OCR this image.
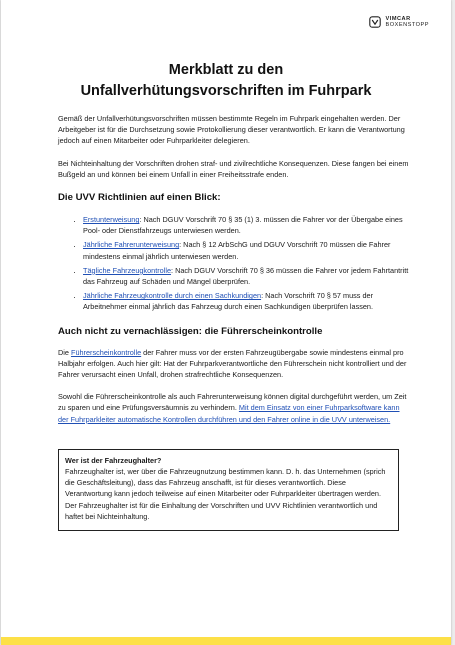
VIMCAR
BOXENSTOPP
Merkblatt zu den
Unfallverhütungsvorschriften im Fuhrpark

Gemäß der Unfallverhütungsvorschriften müssen bestimmte Regeln im Fuhrpark eingehalten werden. Der Arbeitgeber ist für die Durchsetzung sowie Protokollierung dieser verantwortlich. Er kann die Verantwortung jedoch auf einen Mitarbeiter oder Fuhrparkleiter delegieren.

Bei Nichteinhaltung der Vorschriften drohen straf- und zivilrechtliche Konsequenzen. Diese fangen bei einem Bußgeld an und können bei einem Unfall in einer Freiheitsstrafe enden.

Die UVV Richtlinien auf einen Blick:
• Erstunterweisung: Nach DGUV Vorschrift 70 § 35 (1) 3. müssen die Fahrer vor der Übergabe eines Pool- oder Dienstfahrzeugs unterwiesen werden.
• Jährliche Fahrerunterweisung: Nach § 12 ArbSchG und DGUV Vorschrift 70 müssen die Fahrer mindestens einmal jährlich unterwiesen werden.
• Tägliche Fahrzeugkontrolle: Nach DGUV Vorschrift 70 § 36 müssen die Fahrer vor jedem Fahrtantritt das Fahrzeug auf Schäden und Mängel überprüfen.
• Jährliche Fahrzeugkontrolle durch einen Sachkundigen: Nach Vorschrift 70 § 57 muss der Arbeitnehmer einmal jährlich das Fahrzeug durch einen Sachkundigen überprüfen lassen.
Auch nicht zu vernachlässigen: die Führerscheinkontrolle

Die Führerscheinkontrolle der Fahrer muss vor der ersten Fahrzeugübergabe sowie mindestens einmal pro Halbjahr erfolgen. Auch hier gilt: Hat der Fuhrparkverantwortliche den Führerschein nicht kontrolliert und der Fahrer verursacht einen Unfall, drohen strafrechtliche Konsequenzen.

Sowohl die Führerscheinkontrolle als auch Fahrerunterweisung können digital durchgeführt werden, um Zeit zu sparen und eine Prüfungsversäumnis zu verhindern. Mit dem Einsatz von einer Fuhrparksoftware kann der Fuhrparkleiter automatische Kontrollen durchführen und den Fahrer online in die UVV unterweisen.

Wer ist der Fahrzeughalter?

Fahrzeughalter ist, wer über die Fahrzeugnutzung bestimmen kann. D. h. das Unternehmen (sprich die Geschäftsleitung), dass das Fahrzeug anschafft, ist für dieses verantwortlich. Diese Verantwortung kann jedoch teilweise auf einen Mitarbeiter oder Fuhrparkleiter übertragen werden. Der Fahrzeughalter ist für die Einhaltung der Vorschriften und UVV Richtlinien verantwortlich und haftet bei Nichteinhaltung.
